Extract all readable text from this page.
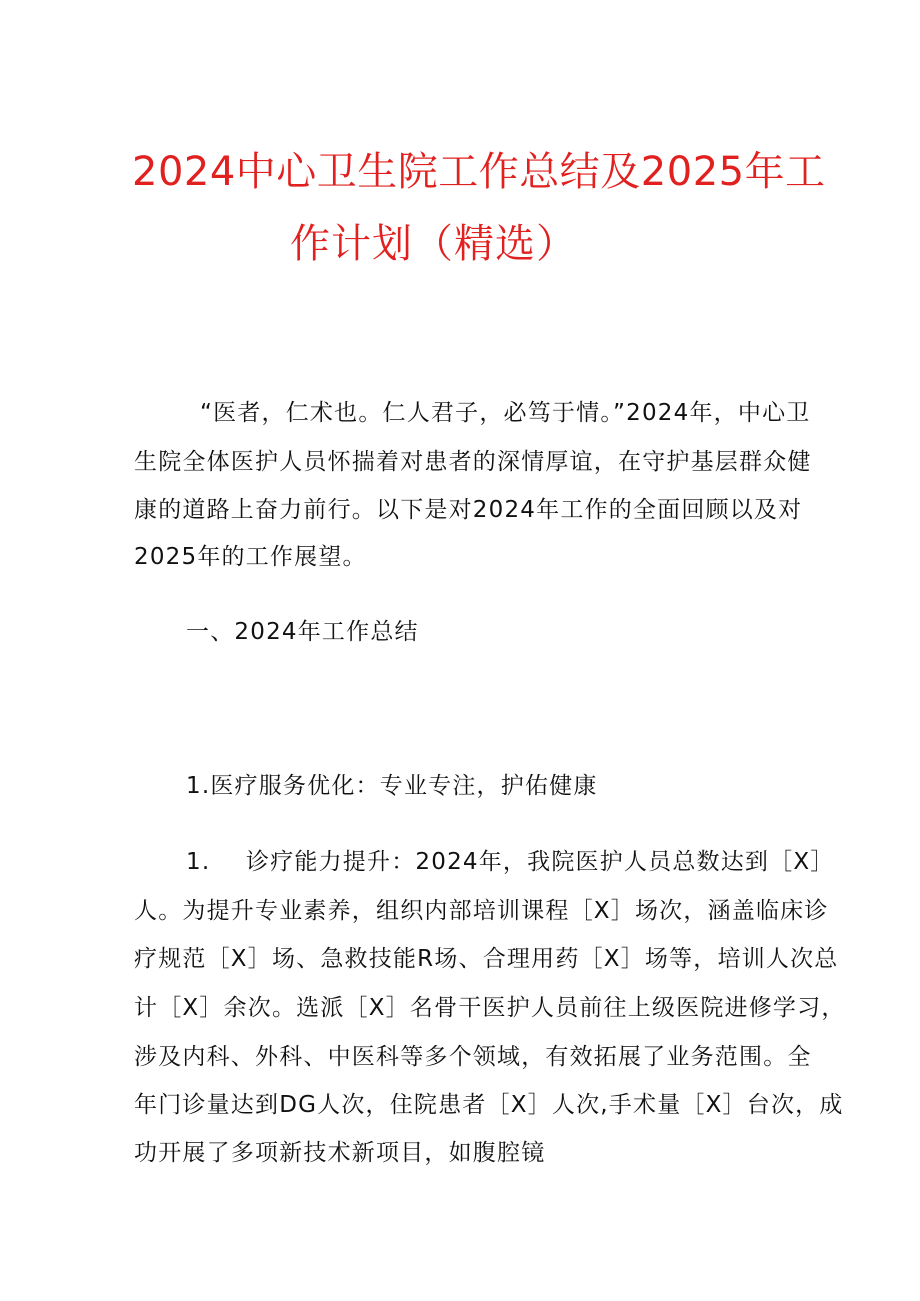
2024中心卫生院工作总结及2025年工
作计划（精选）
“医者，仁术也。仁人君子，必笃于情。”2024年，中心卫
生院全体医护人员怀揣着对患者的深情厚谊，在守护基层群众健
康的道路上奋力前行。以下是对2024年工作的全面回顾以及对
2025年的工作展望。
一、2024年工作总结
1.医疗服务优化：专业专注，护佑健康
1. 诊疗能力提升：2024年，我院医护人员总数达到［X］
人。为提升专业素养，组织内部培训课程［X］场次，涵盖临床诊
疗规范［X］场、急救技能R场、合理用药［X］场等，培训人次总
计［X］余次。选派［X］名骨干医护人员前往上级医院进修学习，
涉及内科、外科、中医科等多个领域，有效拓展了业务范围。全
年门诊量达到DG人次，住院患者［X］人次,手术量［X］台次，成
功开展了多项新技术新项目，如腹腔镜
